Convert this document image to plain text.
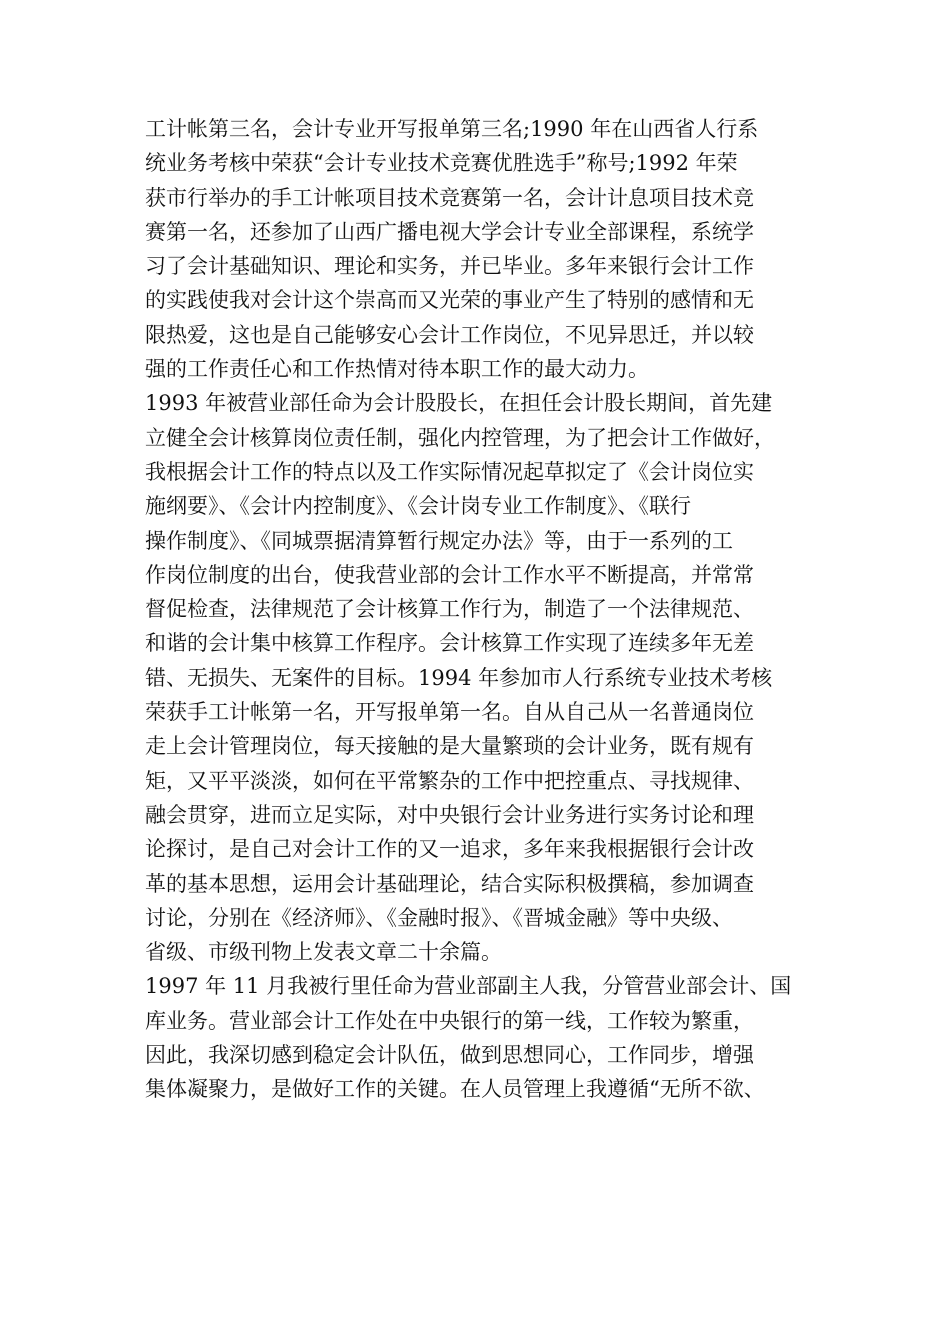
工计帐第三名，会计专业开写报单第三名;1990 年在山西省人行系
统业务考核中荣获“会计专业技术竞赛优胜选手”称号;1992 年荣
获市行举办的手工计帐项目技术竞赛第一名，会计计息项目技术竞
赛第一名，还参加了山西广播电视大学会计专业全部课程，系统学
习了会计基础知识、理论和实务，并已毕业。多年来银行会计工作
的实践使我对会计这个崇高而又光荣的事业产生了特别的感情和无
限热爱，这也是自己能够安心会计工作岗位，不见异思迁，并以较
强的工作责任心和工作热情对待本职工作的最大动力。
1993 年被营业部任命为会计股股长，在担任会计股长期间，首先建
立健全会计核算岗位责任制，强化内控管理，为了把会计工作做好，
我根据会计工作的特点以及工作实际情况起草拟定了《会计岗位实
施纲要》、《会计内控制度》、《会计岗专业工作制度》、《联行
操作制度》、《同城票据清算暂行规定办法》等，由于一系列的工
作岗位制度的出台，使我营业部的会计工作水平不断提高，并常常
督促检查，法律规范了会计核算工作行为，制造了一个法律规范、
和谐的会计集中核算工作程序。会计核算工作实现了连续多年无差
错、无损失、无案件的目标。1994 年参加市人行系统专业技术考核
荣获手工计帐第一名，开写报单第一名。自从自己从一名普通岗位
走上会计管理岗位，每天接触的是大量繁琐的会计业务，既有规有
矩，又平平淡淡，如何在平常繁杂的工作中把控重点、寻找规律、
融会贯穿，进而立足实际，对中央银行会计业务进行实务讨论和理
论探讨，是自己对会计工作的又一追求，多年来我根据银行会计改
革的基本思想，运用会计基础理论，结合实际积极撰稿，参加调查
讨论，分别在《经济师》、《金融时报》、《晋城金融》等中央级、
省级、市级刊物上发表文章二十余篇。
1997 年 11 月我被行里任命为营业部副主人我，分管营业部会计、国
库业务。营业部会计工作处在中央银行的第一线，工作较为繁重，
因此，我深切感到稳定会计队伍，做到思想同心，工作同步，增强
集体凝聚力，是做好工作的关键。在人员管理上我遵循“无所不欲、
